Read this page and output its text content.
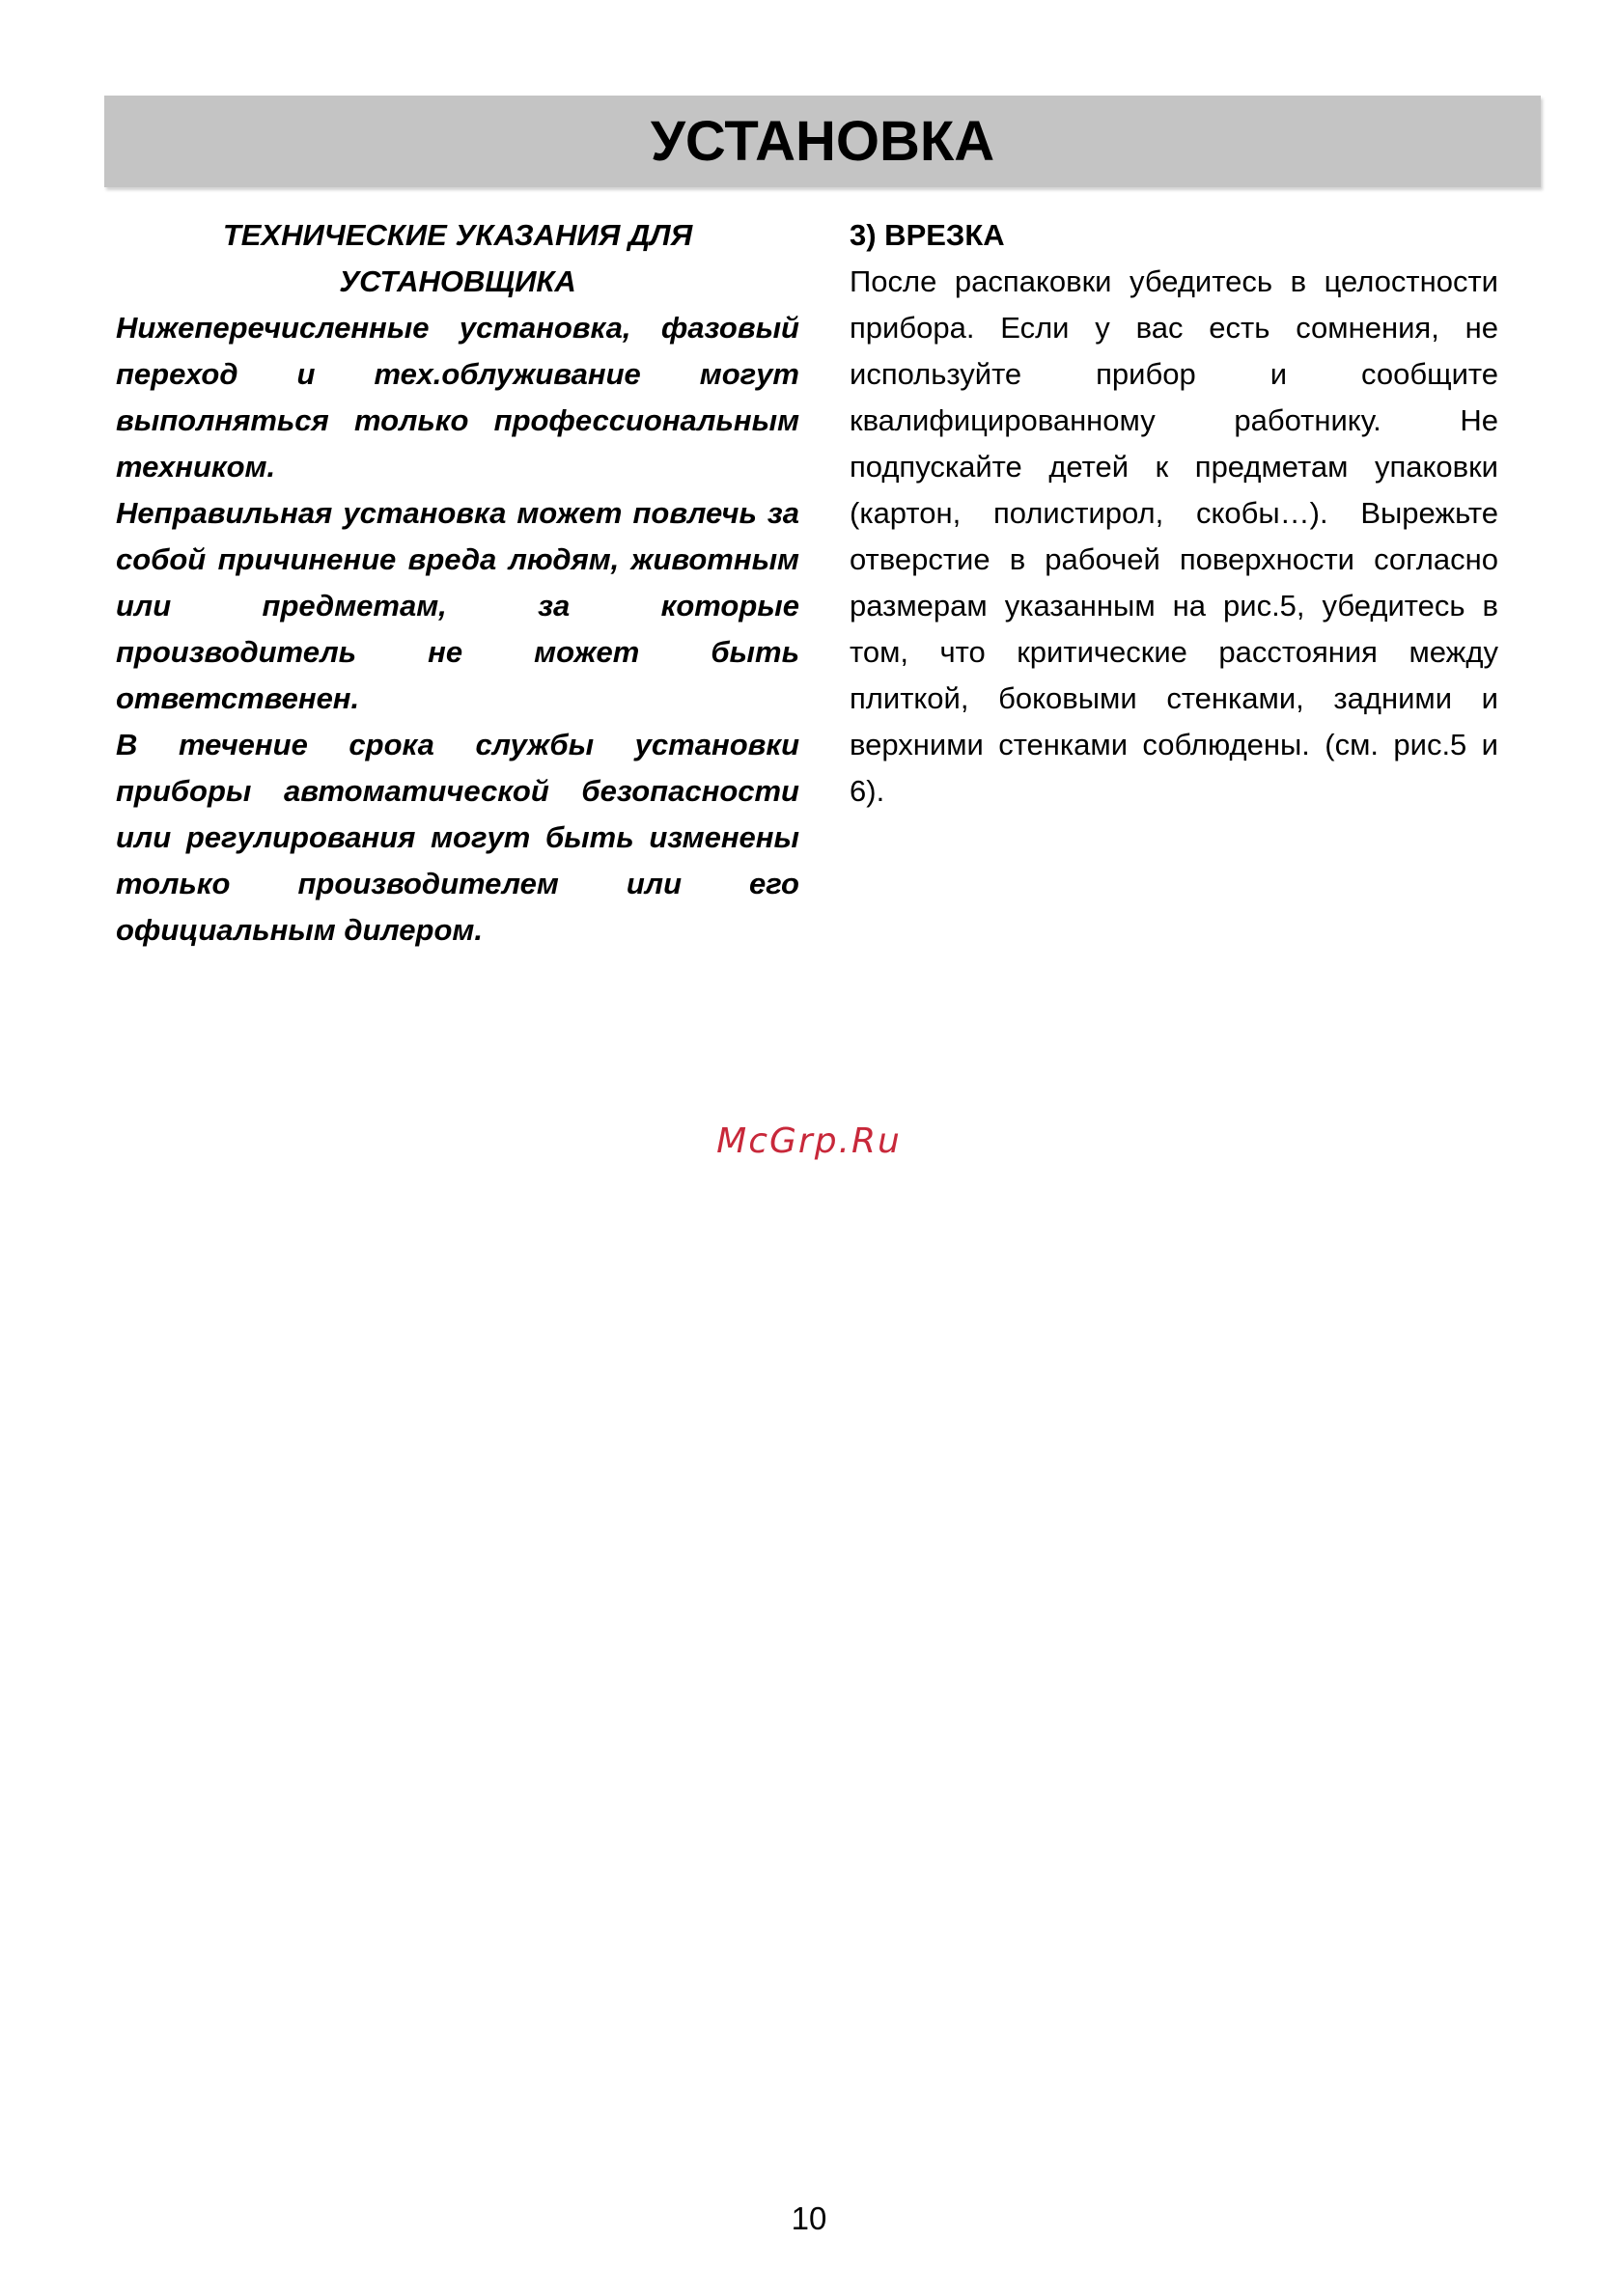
УСТАНОВКА

ТЕХНИЧЕСКИЕ УКАЗАНИЯ ДЛЯ

УСТАНОВЩИКА

Нижеперечисленные установка, фазовый переход и тех.облуживание могут выполняться только профессиональным техником.

Неправильная установка может повлечь за собой причинение вреда людям, животным или предметам, за которые производитель не может быть ответственен.

В течение срока службы установки приборы автоматической безопасности или регулирования могут быть изменены только производителем или его официальным дилером.

3) ВРЕЗКА

После распаковки убедитесь в целостности прибора. Если у вас есть сомнения, не используйте прибор и сообщите квалифицированному работнику. Не подпускайте детей к предметам упаковки (картон, полистирол, скобы…). Вырежьте отверстие в рабочей поверхности согласно размерам указанным на рис.5, убедитесь в том, что критические расстояния между плиткой, боковыми стенками, задними и верхними стенками соблюдены. (см. рис.5 и 6).

McGrp.Ru
10
